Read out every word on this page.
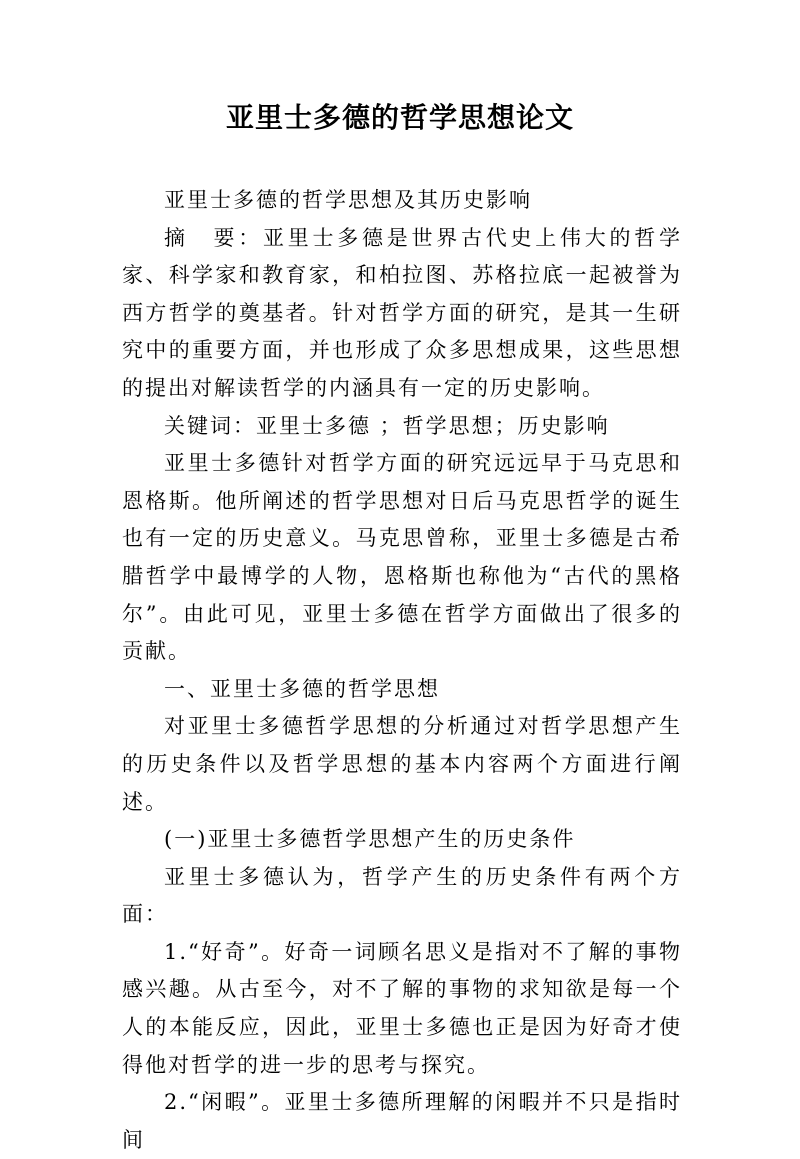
亚里士多德的哲学思想论文

亚里士多德的哲学思想及其历史影响

摘　要：亚里士多德是世界古代史上伟大的哲学家、科学家和教育家，和柏拉图、苏格拉底一起被誉为西方哲学的奠基者。针对哲学方面的研究，是其一生研究中的重要方面，并也形成了众多思想成果，这些思想的提出对解读哲学的内涵具有一定的历史影响。

关键词：亚里士多德 ；哲学思想；历史影响

亚里士多德针对哲学方面的研究远远早于马克思和恩格斯。他所阐述的哲学思想对日后马克思哲学的诞生也有一定的历史意义。马克思曾称，亚里士多德是古希腊哲学中最博学的人物，恩格斯也称他为“古代的黑格尔”。由此可见，亚里士多德在哲学方面做出了很多的贡献。

一、亚里士多德的哲学思想

对亚里士多德哲学思想的分析通过对哲学思想产生的历史条件以及哲学思想的基本内容两个方面进行阐述。

(一)亚里士多德哲学思想产生的历史条件

亚里士多德认为，哲学产生的历史条件有两个方面：

1.“好奇”。好奇一词顾名思义是指对不了解的事物感兴趣。从古至今，对不了解的事物的求知欲是每一个人的本能反应，因此，亚里士多德也正是因为好奇才使得他对哲学的进一步的思考与探究。

2.“闲暇”。亚里士多德所理解的闲暇并不只是指时间
